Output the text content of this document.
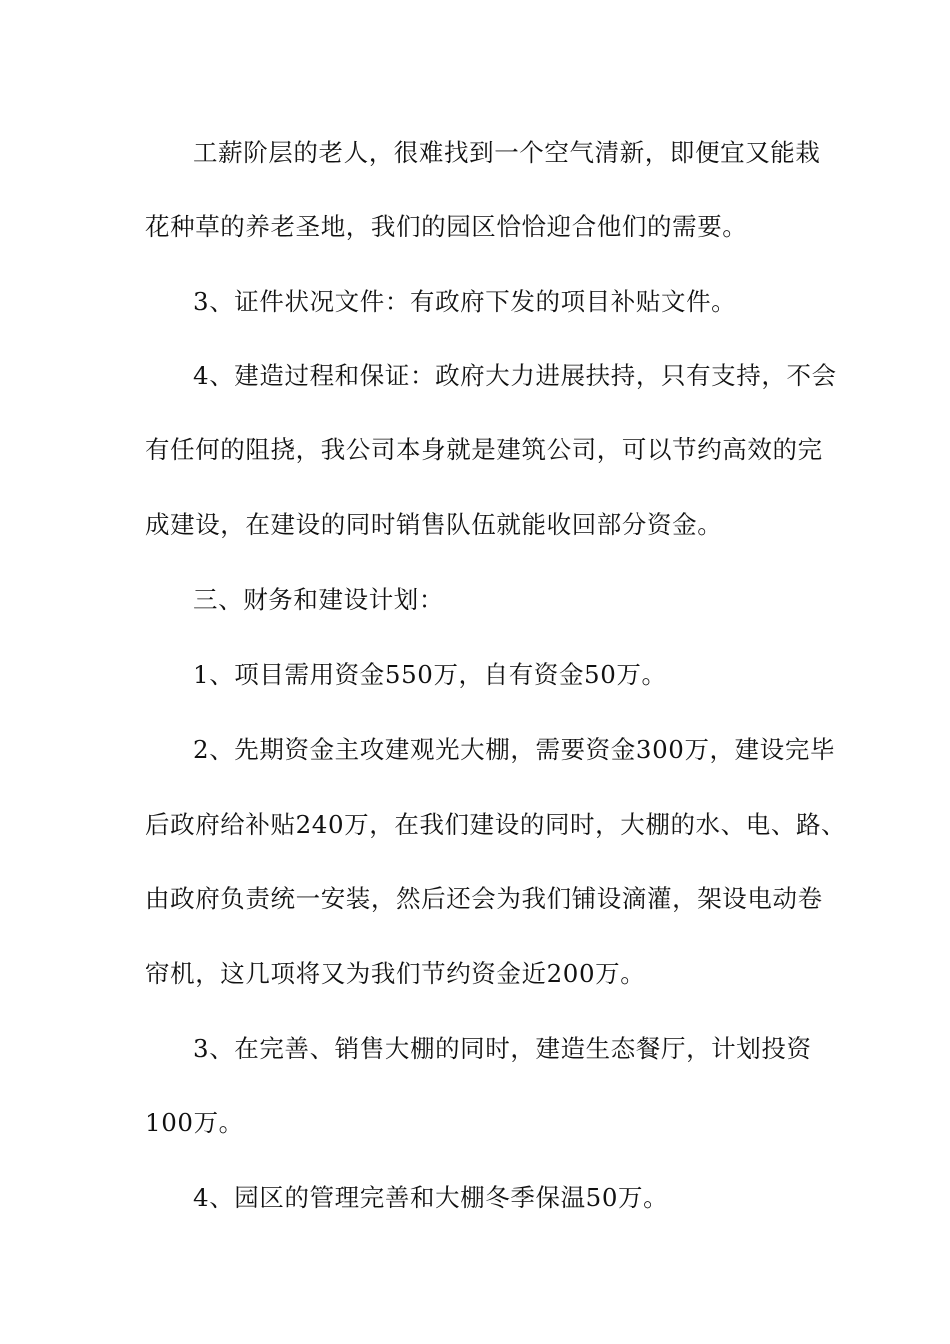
工薪阶层的老人，很难找到一个空气清新，即便宜又能栽
花种草的养老圣地，我们的园区恰恰迎合他们的需要。
3、证件状况文件：有政府下发的项目补贴文件。
4、建造过程和保证：政府大力进展扶持，只有支持，不会
有任何的阻挠，我公司本身就是建筑公司，可以节约高效的完
成建设，在建设的同时销售队伍就能收回部分资金。
三、财务和建设计划：
1、项目需用资金550万，自有资金50万。
2、先期资金主攻建观光大棚，需要资金300万，建设完毕
后政府给补贴240万，在我们建设的同时，大棚的水、电、路、
由政府负责统一安装，然后还会为我们铺设滴灌，架设电动卷
帘机，这几项将又为我们节约资金近200万。
3、在完善、销售大棚的同时，建造生态餐厅，计划投资
100万。
4、园区的管理完善和大棚冬季保温50万。
